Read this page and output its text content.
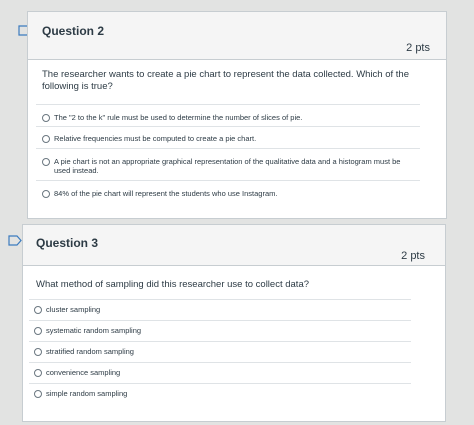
Question 2
2 pts
The researcher wants to create a pie chart to represent the data collected. Which of the following is true?
The "2 to the k" rule must be used to determine the number of slices of pie.
Relative frequencies must be computed to create a pie chart.
A pie chart is not an appropriate graphical representation of the qualitative data and a histogram must be used instead.
84% of the pie chart will represent the students who use Instagram.
Question 3
2 pts
What method of sampling did this researcher use to collect data?
cluster sampling
systematic random sampling
stratified random sampling
convenience sampling
simple random sampling
